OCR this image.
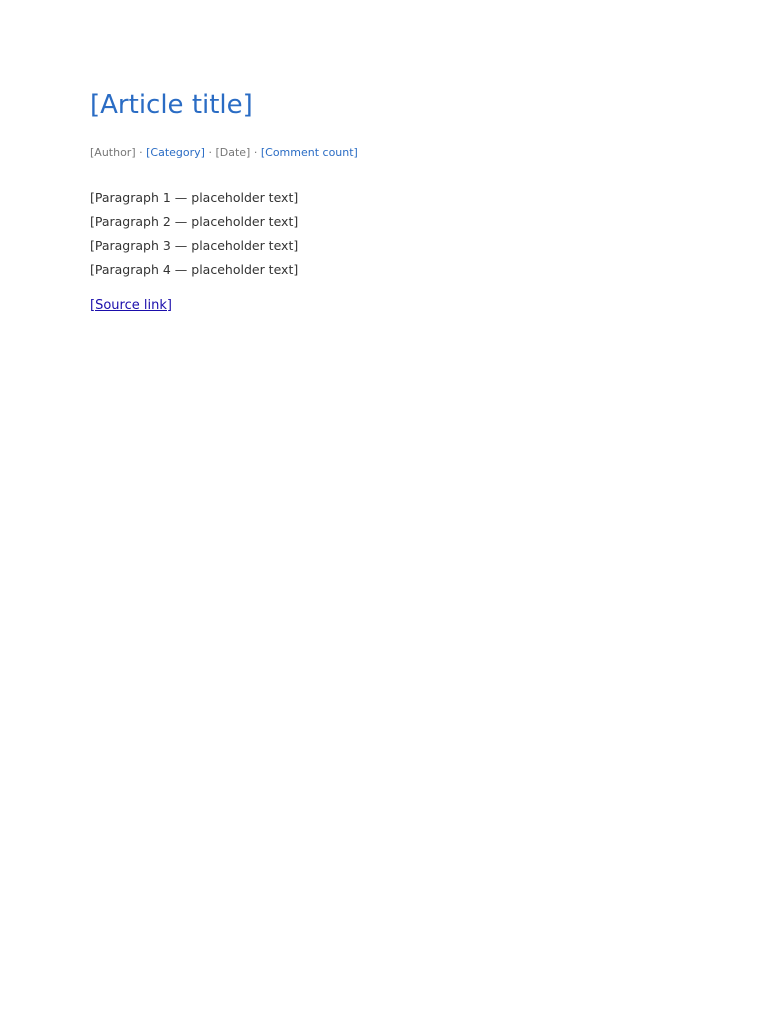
[Article title]
[Author] · [Category] · [Date] · [Comment count]

[Paragraph 1 — placeholder text]

[Paragraph 2 — placeholder text]

[Paragraph 3 — placeholder text]

[Paragraph 4 — placeholder text]

[Source link]
